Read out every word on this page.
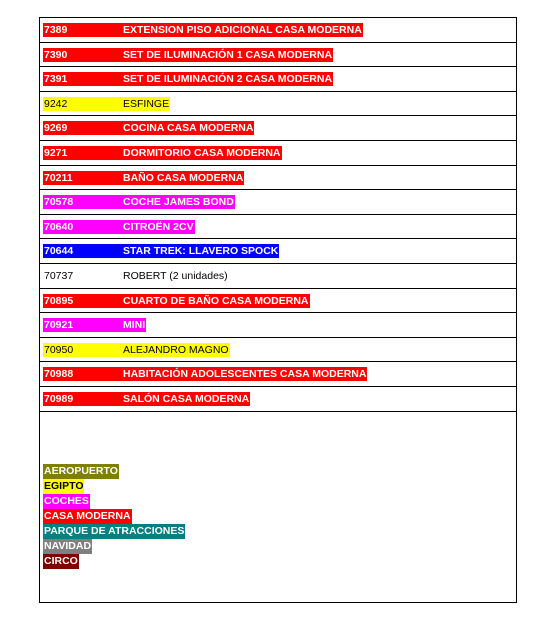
7389	EXTENSION PISO ADICIONAL CASA MODERNA
7390	SET DE ILUMINACIÓN 1 CASA MODERNA
7391	SET DE ILUMINACIÓN 2 CASA MODERNA
9242	ESFINGE
9269	COCINA CASA MODERNA
9271	DORMITORIO CASA MODERNA
70211	BAÑO CASA MODERNA
70578	COCHE JAMES BOND
70640	CITROËN 2CV
70644	STAR TREK: LLAVERO SPOCK
70737	ROBERT (2 unidades)
70895	CUARTO DE BAÑO CASA MODERNA
70921	MINI
70950	ALEJANDRO MAGNO
70988	HABITACIÓN ADOLESCENTES CASA MODERNA
70989	SALÓN CASA MODERNA
AEROPUERTO
EGIPTO
COCHES
CASA MODERNA
PARQUE DE ATRACCIONES
NAVIDAD
CIRCO
